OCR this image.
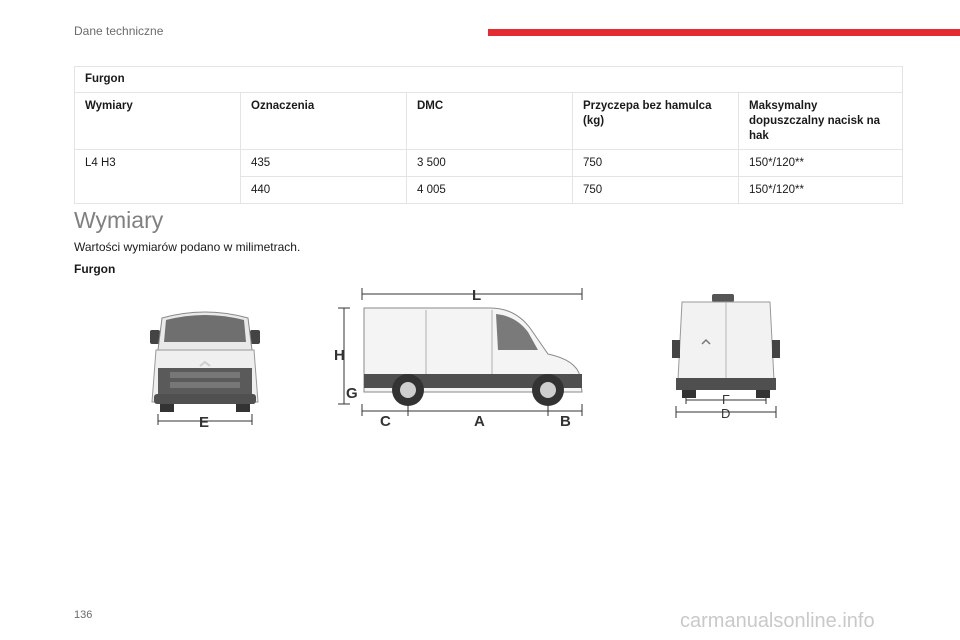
Dane techniczne
Furgon				
Wymiary	Oznaczenia	DMC	Przyczepa bez hamulca (kg)	Maksymalny dopuszczalny nacisk na hak
L4 H3	435	3 500	750	150*/120**
	440	4 005	750	150*/120**
Wymiary
Wartości wymiarów podano w milimetrach.
Furgon
E
L
H
G
C	A	B
F
D
136	carmanualsonline.info
